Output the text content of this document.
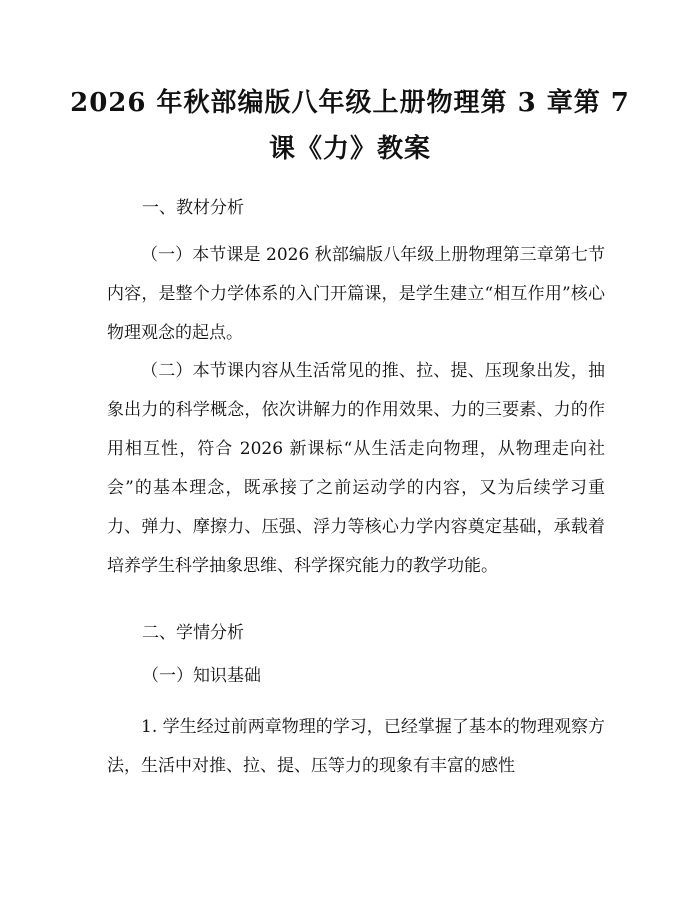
2026 年秋部编版八年级上册物理第 3 章第 7
课《力》教案
一、教材分析

（一）本节课是 2026 秋部编版八年级上册物理第三章第七节内容，是整个力学体系的入门开篇课，是学生建立“相互作用”核心物理观念的起点。

（二）本节课内容从生活常见的推、拉、提、压现象出发，抽象出力的科学概念，依次讲解力的作用效果、力的三要素、力的作用相互性，符合 2026 新课标“从生活走向物理，从物理走向社会”的基本理念，既承接了之前运动学的内容，又为后续学习重力、弹力、摩擦力、压强、浮力等核心力学内容奠定基础，承载着培养学生科学抽象思维、科学探究能力的教学功能。

二、学情分析
（一）知识基础

1. 学生经过前两章物理的学习，已经掌握了基本的物理观察方法，生活中对推、拉、提、压等力的现象有丰富的感性
